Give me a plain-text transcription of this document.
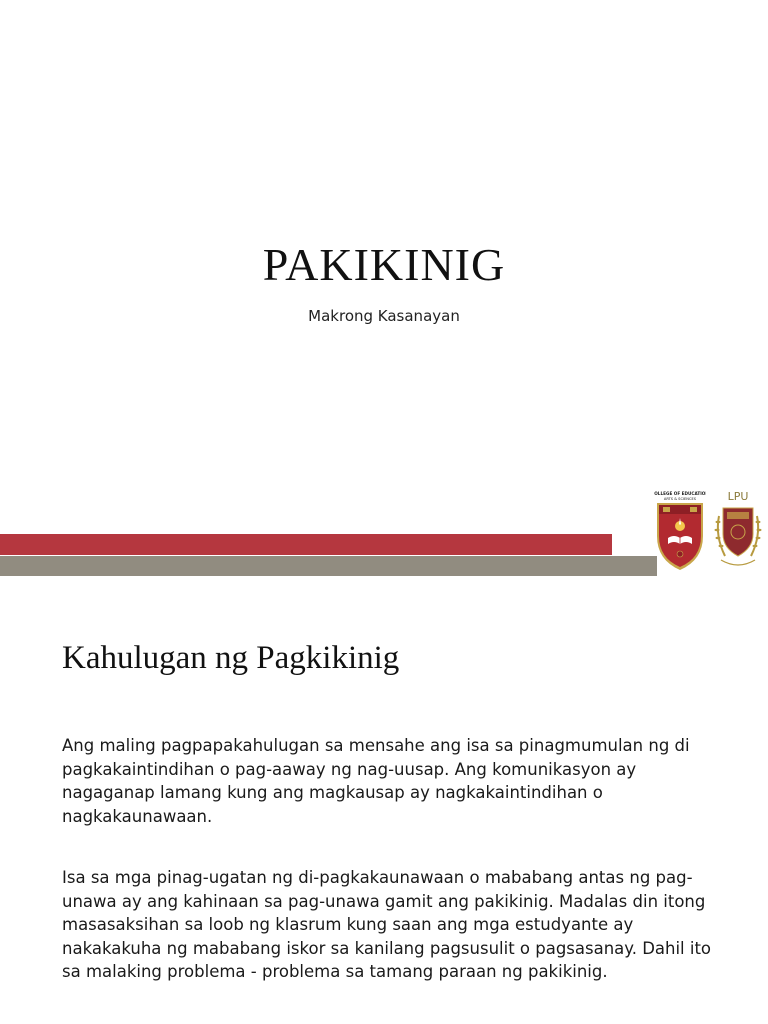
PAKIKINIG
Makrong Kasanayan
COLLEGE OF EDUCATION
ARTS & SCIENCES	LPU
Kahulugan ng Pagkikinig

Ang maling pagpapakahulugan sa mensahe ang isa sa pinagmumulan ng di pagkakaintindihan o pag-aaway ng nag-uusap. Ang komunikasyon ay nagaganap lamang kung ang magkausap ay nagkakaintindihan o nagkakaunawaan.

Isa sa mga pinag-ugatan ng di-pagkakaunawaan o mababang antas ng pag-unawa ay ang kahinaan sa pag-unawa gamit ang pakikinig. Madalas din itong masasaksihan sa loob ng klasrum kung saan ang mga estudyante ay nakakakuha ng mababang iskor sa kanilang pagsusulit o pagsasanay. Dahil ito sa malaking problema - problema sa tamang paraan ng pakikinig.
